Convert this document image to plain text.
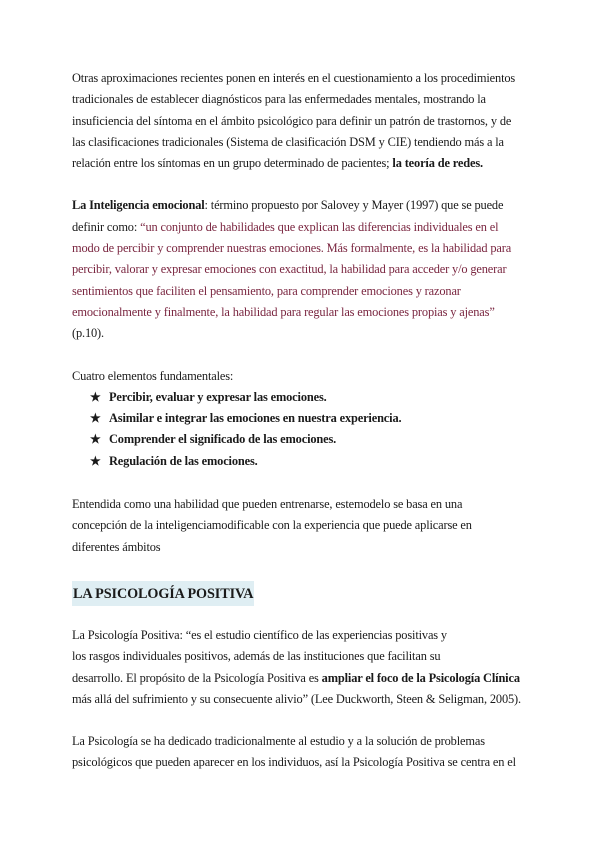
Otras aproximaciones recientes ponen en interés en el cuestionamiento a los procedimientos

tradicionales de establecer diagnósticos para las enfermedades mentales, mostrando la

insuficiencia del síntoma en el ámbito psicológico para definir un patrón de trastornos, y de

las clasificaciones tradicionales (Sistema de clasificación DSM y CIE) tendiendo más a la

relación entre los síntomas en un grupo determinado de pacientes; la teoría de redes.

La Inteligencia emocional: término propuesto por Salovey y Mayer (1997) que se puede

definir como: “un conjunto de habilidades que explican las diferencias individuales en el

modo de percibir y comprender nuestras emociones. Más formalmente, es la habilidad para

percibir, valorar y expresar emociones con exactitud, la habilidad para acceder y/o generar

sentimientos que faciliten el pensamiento, para comprender emociones y razonar

emocionalmente y finalmente, la habilidad para regular las emociones propias y ajenas”

(p.10).

Cuatro elementos fundamentales:

★ Percibir, evaluar y expresar las emociones.
★ Asimilar e integrar las emociones en nuestra experiencia.
★ Comprender el significado de las emociones.
★ Regulación de las emociones.

Entendida como una habilidad que pueden entrenarse, estemodelo se basa en una

concepción de la inteligenciamodificable con la experiencia que puede aplicarse en

diferentes ámbitos

LA PSICOLOGÍA POSITIVA

La Psicología Positiva: “es el estudio científico de las experiencias positivas y

los rasgos individuales positivos, además de las instituciones que facilitan su

desarrollo. El propósito de la Psicología Positiva es ampliar el foco de la Psicología Clínica

más allá del sufrimiento y su consecuente alivio” (Lee Duckworth, Steen & Seligman, 2005).

La Psicología se ha dedicado tradicionalmente al estudio y a la solución de problemas

psicológicos que pueden aparecer en los individuos, así la Psicología Positiva se centra en el
